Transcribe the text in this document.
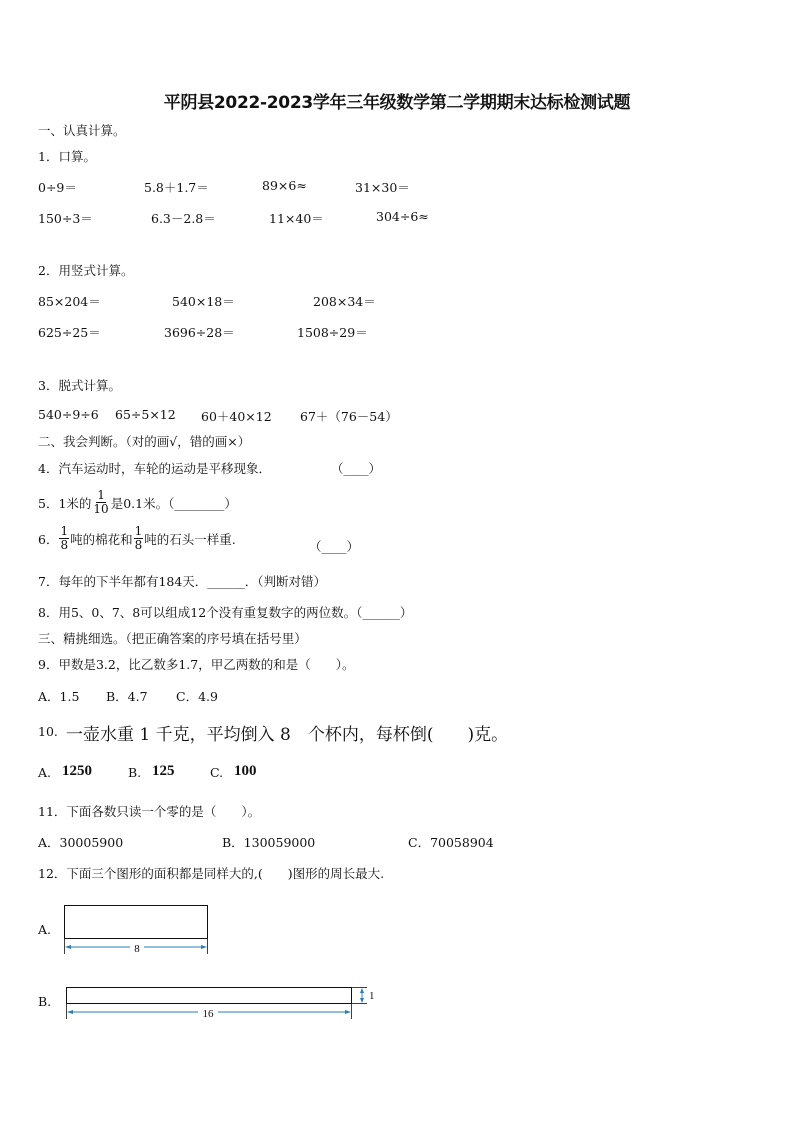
平阴县2022-2023学年三年级数学第二学期期末达标检测试题
一、认真计算。
1．口算。
0÷9＝	5.8＋1.7＝	89×6≈	31×30＝
150÷3＝	6.3－2.8＝	11×40＝	304÷6≈
2．用竖式计算。
85×204＝	540×18＝	208×34＝
625÷25＝	3696÷28＝	1508÷29＝
3．脱式计算。
540÷9÷6 65÷5×12 60＋40×12 67＋（76－54）
二、我会判断。（对的画√，错的画×）
4．汽车运动时，车轮的运动是平移现象．	（____）
5．1米的 $\frac{1}{10}$ 是0.1米。（________）
6． $\frac{1}{8}$ 吨的棉花和 $\frac{1}{8}$ 吨的石头一样重.	（____）
7．每年的下半年都有184天．______．（判断对错）
8．用5、0、7、8可以组成12个没有重复数字的两位数。（______）
三、精挑细选。（把正确答案的序号填在括号里）
9．甲数是3.2，比乙数多1.7，甲乙两数的和是（　　）。
A．1.5 B．4.7 C．4.9
10. 一壶水重 1 千克，平均倒入 8　个杯内，每杯倒(　　)克。
A. 1250	B. 125	C. 100
11．下面各数只读一个零的是（　　）。
A．30005900	B．130059000	C．70058904
12．下面三个图形的面积都是同样大的,(　　)图形的周长最大.
A.
8
B.
16
1
